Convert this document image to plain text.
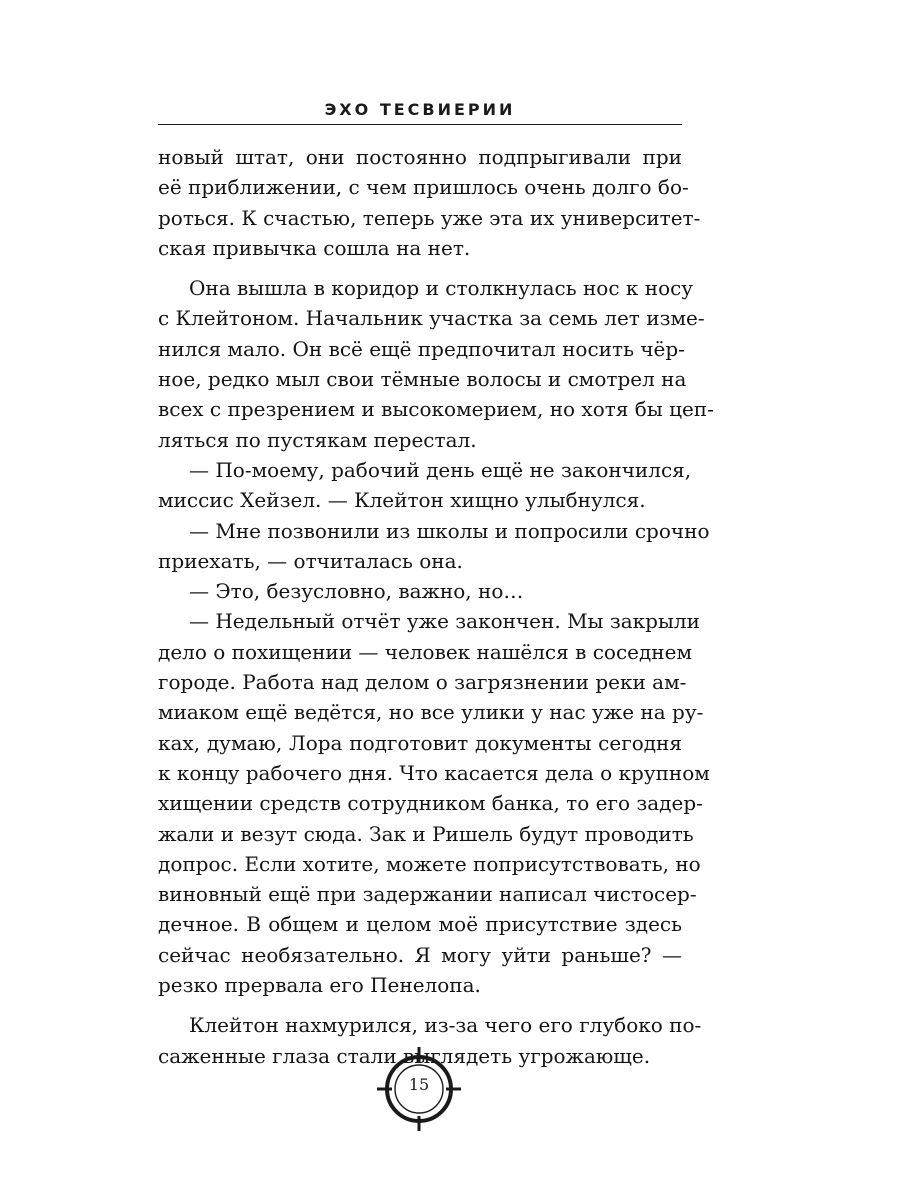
ЭХО ТЕСВИЕРИИ
новый штат, они постоянно подпрыгивали при
её приближении, с чем пришлось очень долго бо-
роться. К счастью, теперь уже эта их университет-
ская привычка сошла на нет.
Она вышла в коридор и столкнулась нос к носу
с Клейтоном. Начальник участка за семь лет изме-
нился мало. Он всё ещё предпочитал носить чёр-
ное, редко мыл свои тёмные волосы и смотрел на
всех с презрением и высокомерием, но хотя бы цеп-
ляться по пустякам перестал.
— По-моему, рабочий день ещё не закончился,
миссис Хейзел. — Клейтон хищно улыбнулся.
— Мне позвонили из школы и попросили срочно
приехать, — отчиталась она.
— Это, безусловно, важно, но…
— Недельный отчёт уже закончен. Мы закрыли
дело о похищении — человек нашёлся в соседнем
городе. Работа над делом о загрязнении реки ам-
миаком ещё ведётся, но все улики у нас уже на ру-
ках, думаю, Лора подготовит документы сегодня
к концу рабочего дня. Что касается дела о крупном
хищении средств сотрудником банка, то его задер-
жали и везут сюда. Зак и Ришель будут проводить
допрос. Если хотите, можете поприсутствовать, но
виновный ещё при задержании написал чистосер-
дечное. В общем и целом моё присутствие здесь
сейчас необязательно. Я могу уйти раньше? —
резко прервала его Пенелопа.
Клейтон нахмурился, из-за чего его глубоко по-
саженные глаза стали выглядеть угрожающе.
15
